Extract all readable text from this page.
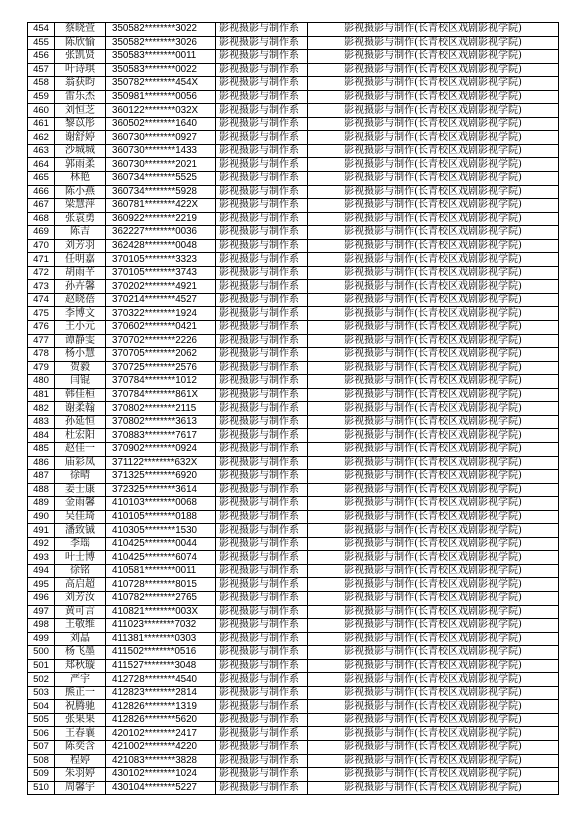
454	蔡晓萱	350582********3022	影视摄影与制作系	影视摄影与制作(长青校区戏剧影视学院)
455	陈欣愉	350582********3026	影视摄影与制作系	影视摄影与制作(长青校区戏剧影视学院)
456	张凯贤	350583********0011	影视摄影与制作系	影视摄影与制作(长青校区戏剧影视学院)
457	叶诗琪	350583********0022	影视摄影与制作系	影视摄影与制作(长青校区戏剧影视学院)
458	翁获昀	350782********454X	影视摄影与制作系	影视摄影与制作(长青校区戏剧影视学院)
459	雷乐杰	350981********0056	影视摄影与制作系	影视摄影与制作(长青校区戏剧影视学院)
460	刘恒芝	360122********032X	影视摄影与制作系	影视摄影与制作(长青校区戏剧影视学院)
461	黎苡彤	360502********1640	影视摄影与制作系	影视摄影与制作(长青校区戏剧影视学院)
462	谢舒婷	360730********0927	影视摄影与制作系	影视摄影与制作(长青校区戏剧影视学院)
463	沙城城	360730********1433	影视摄影与制作系	影视摄影与制作(长青校区戏剧影视学院)
464	郭雨柔	360730********2021	影视摄影与制作系	影视摄影与制作(长青校区戏剧影视学院)
465	林艳	360734********5525	影视摄影与制作系	影视摄影与制作(长青校区戏剧影视学院)
466	陈小燕	360734********5928	影视摄影与制作系	影视摄影与制作(长青校区戏剧影视学院)
467	梁慧萍	360781********422X	影视摄影与制作系	影视摄影与制作(长青校区戏剧影视学院)
468	张袁勇	360922********2219	影视摄影与制作系	影视摄影与制作(长青校区戏剧影视学院)
469	陈吉	362227********0036	影视摄影与制作系	影视摄影与制作(长青校区戏剧影视学院)
470	刘芳羽	362428********0048	影视摄影与制作系	影视摄影与制作(长青校区戏剧影视学院)
471	任明嘉	370105********3323	影视摄影与制作系	影视摄影与制作(长青校区戏剧影视学院)
472	胡雨芊	370105********3743	影视摄影与制作系	影视摄影与制作(长青校区戏剧影视学院)
473	孙卉馨	370202********4921	影视摄影与制作系	影视摄影与制作(长青校区戏剧影视学院)
474	赵晓蓓	370214********4527	影视摄影与制作系	影视摄影与制作(长青校区戏剧影视学院)
475	李博文	370322********1924	影视摄影与制作系	影视摄影与制作(长青校区戏剧影视学院)
476	王小元	370602********0421	影视摄影与制作系	影视摄影与制作(长青校区戏剧影视学院)
477	谭静雯	370702********2226	影视摄影与制作系	影视摄影与制作(长青校区戏剧影视学院)
478	杨小慧	370705********2062	影视摄影与制作系	影视摄影与制作(长青校区戏剧影视学院)
479	贺毅	370725********2576	影视摄影与制作系	影视摄影与制作(长青校区戏剧影视学院)
480	闫锟	370784********1012	影视摄影与制作系	影视摄影与制作(长青校区戏剧影视学院)
481	韩佳桓	370784********861X	影视摄影与制作系	影视摄影与制作(长青校区戏剧影视学院)
482	谢柔翰	370802********2115	影视摄影与制作系	影视摄影与制作(长青校区戏剧影视学院)
483	孙延恒	370802********3613	影视摄影与制作系	影视摄影与制作(长青校区戏剧影视学院)
484	杜宏阳	370883********7617	影视摄影与制作系	影视摄影与制作(长青校区戏剧影视学院)
485	赵佳一	370902********0924	影视摄影与制作系	影视摄影与制作(长青校区戏剧影视学院)
486	庙彩凤	371122********632X	影视摄影与制作系	影视摄影与制作(长青校区戏剧影视学院)
487	徐晴	371325********6920	影视摄影与制作系	影视摄影与制作(长青校区戏剧影视学院)
488	姜士康	372325********3614	影视摄影与制作系	影视摄影与制作(长青校区戏剧影视学院)
489	金雨馨	410103********0068	影视摄影与制作系	影视摄影与制作(长青校区戏剧影视学院)
490	吴佳琦	410105********0188	影视摄影与制作系	影视摄影与制作(长青校区戏剧影视学院)
491	潘致铖	410305********1530	影视摄影与制作系	影视摄影与制作(长青校区戏剧影视学院)
492	李瑶	410425********0044	影视摄影与制作系	影视摄影与制作(长青校区戏剧影视学院)
493	叶士博	410425********6074	影视摄影与制作系	影视摄影与制作(长青校区戏剧影视学院)
494	徐铭	410581********0011	影视摄影与制作系	影视摄影与制作(长青校区戏剧影视学院)
495	高启超	410728********8015	影视摄影与制作系	影视摄影与制作(长青校区戏剧影视学院)
496	刘芳汝	410782********2765	影视摄影与制作系	影视摄影与制作(长青校区戏剧影视学院)
497	黄可言	410821********003X	影视摄影与制作系	影视摄影与制作(长青校区戏剧影视学院)
498	王敬维	411023********7032	影视摄影与制作系	影视摄影与制作(长青校区戏剧影视学院)
499	刘晶	411381********0303	影视摄影与制作系	影视摄影与制作(长青校区戏剧影视学院)
500	杨飞墨	411502********0516	影视摄影与制作系	影视摄影与制作(长青校区戏剧影视学院)
501	郑秋璇	411527********3048	影视摄影与制作系	影视摄影与制作(长青校区戏剧影视学院)
502	严宇	412728********4540	影视摄影与制作系	影视摄影与制作(长青校区戏剧影视学院)
503	熊正一	412823********2814	影视摄影与制作系	影视摄影与制作(长青校区戏剧影视学院)
504	祝腾驰	412826********1319	影视摄影与制作系	影视摄影与制作(长青校区戏剧影视学院)
505	张果果	412826********5620	影视摄影与制作系	影视摄影与制作(长青校区戏剧影视学院)
506	王春襄	420102********2417	影视摄影与制作系	影视摄影与制作(长青校区戏剧影视学院)
507	陈奕含	421002********4220	影视摄影与制作系	影视摄影与制作(长青校区戏剧影视学院)
508	程婷	421083********3828	影视摄影与制作系	影视摄影与制作(长青校区戏剧影视学院)
509	朱羽婷	430102********1024	影视摄影与制作系	影视摄影与制作(长青校区戏剧影视学院)
510	周馨宇	430104********5227	影视摄影与制作系	影视摄影与制作(长青校区戏剧影视学院)
